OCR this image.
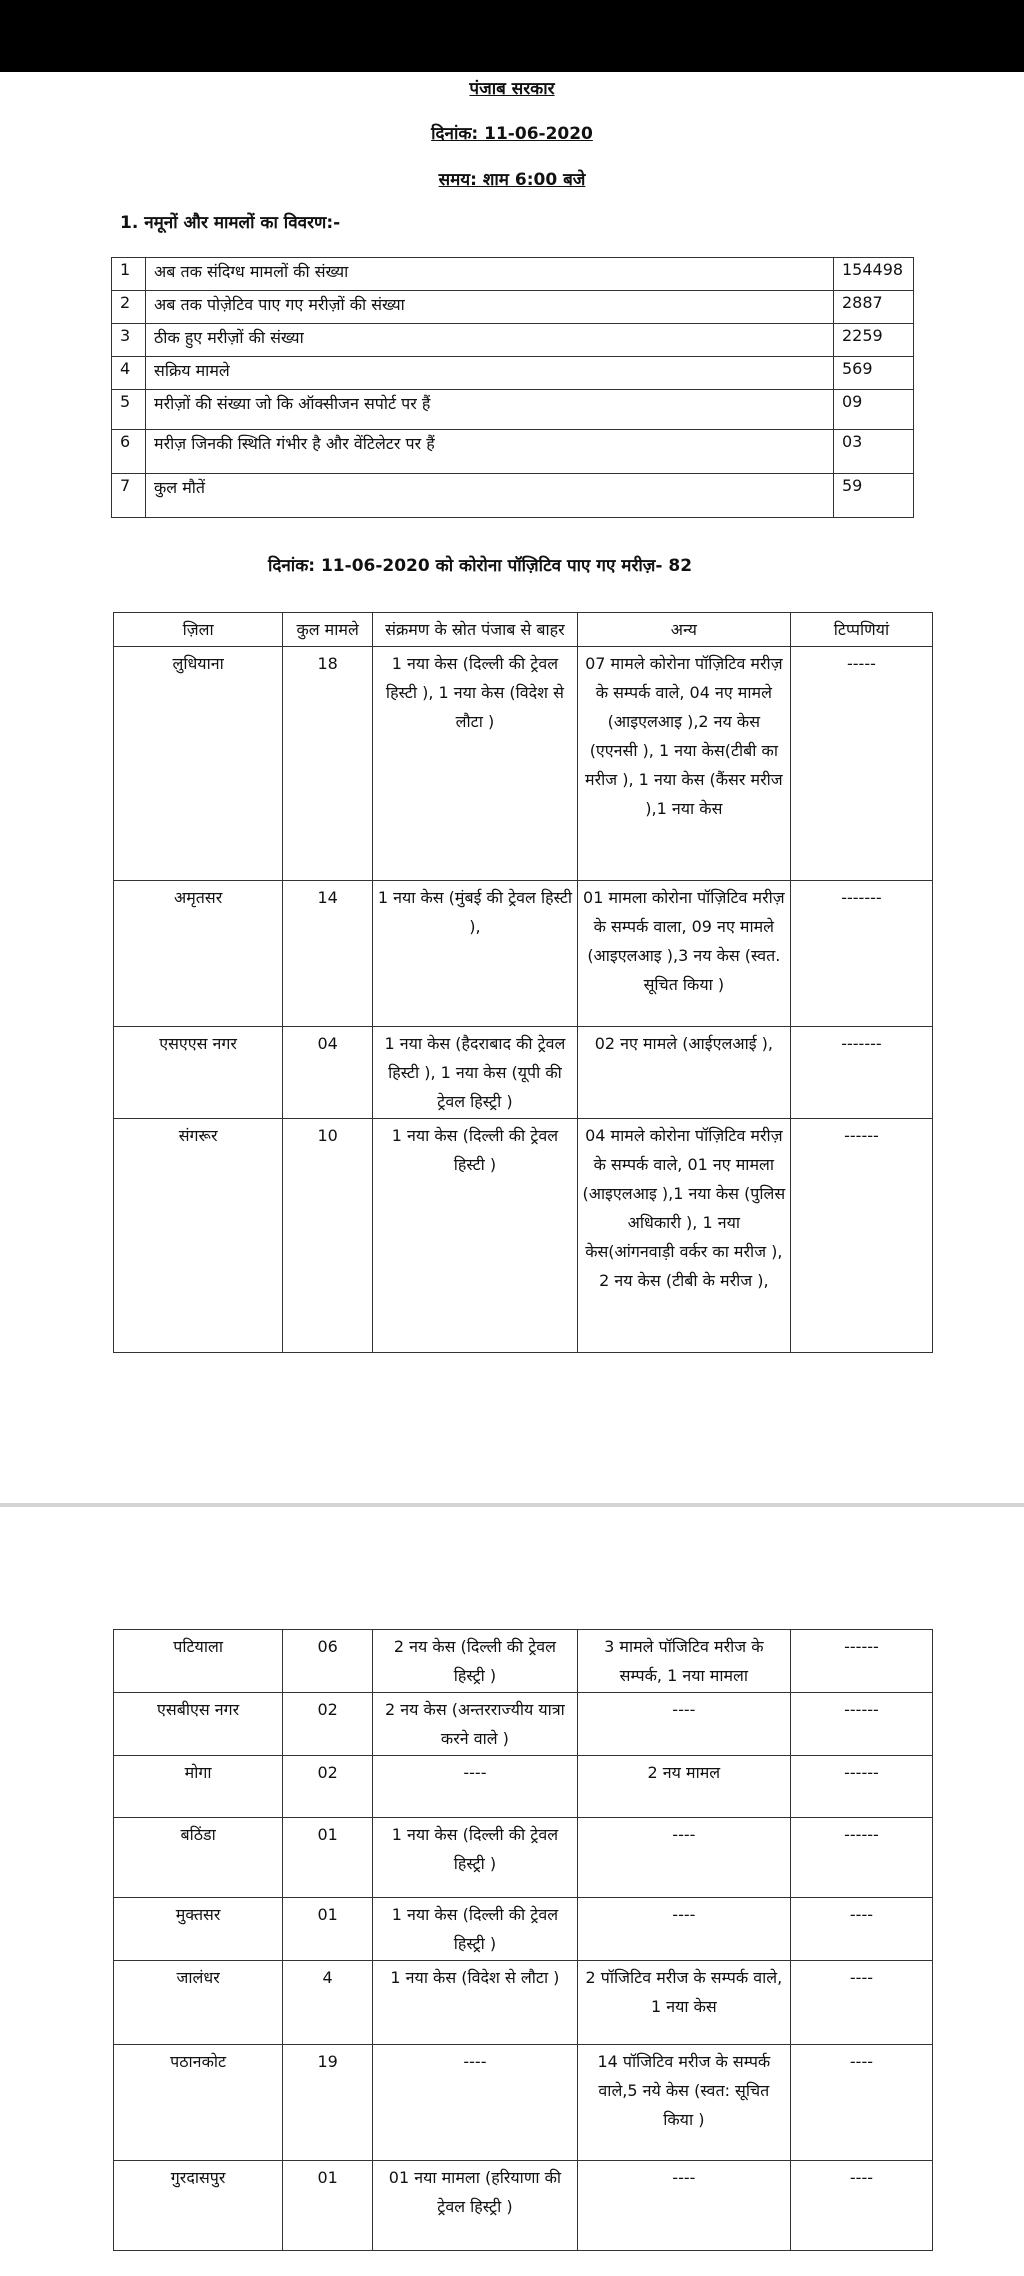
पंजाब सरकार
दिनांक: 11-06-2020
समय: शाम 6:00 बजे
1. नमूनों और मामलों का विवरण:-
1	अब तक संदिग्ध मामलों की संख्या	154498
2	अब तक पोज़ेटिव पाए गए मरीज़ों की संख्या	2887
3	ठीक हुए मरीज़ों की संख्या	2259
4	सक्रिय मामले	569
5	मरीज़ों की संख्या जो कि ऑक्सीजन सपोर्ट पर हैं	09
6	मरीज़ जिनकी स्थिति गंभीर है और वेंटिलेटर पर हैं	03
7	कुल मौतें	59
दिनांक: 11-06-2020 को कोरोना पॉज़िटिव पाए गए मरीज़- 82
ज़िला	कुल मामले	संक्रमण के स्रोत पंजाब से बाहर	अन्य	टिप्पणियां
लुधियाना	18	1 नया केस (दिल्ली की ट्रेवल हिस्टी ), 1 नया केस (विदेश से लौटा )	07 मामले कोरोना पॉज़िटिव मरीज़ के सम्पर्क वाले, 04 नए मामले (आइएलआइ ),2 नय केस (एएनसी ), 1 नया केस(टीबी का मरीज ), 1 नया केस (कैंसर मरीज ),1 नया केस	-----
अमृतसर	14	1 नया केस (मुंबई की ट्रेवल हिस्टी ),	01 मामला कोरोना पॉज़िटिव मरीज़ के सम्पर्क वाला, 09 नए मामले (आइएलआइ ),3 नय केस (स्वत. सूचित किया )	-------
एसएएस नगर	04	1 नया केस (हैदराबाद की ट्रेवल हिस्टी ), 1 नया केस (यूपी की ट्रेवल हिस्ट्री )	02 नए मामले (आईएलआई ),	-------
संगरूर	10	1 नया केस (दिल्ली की ट्रेवल हिस्टी )	04 मामले कोरोना पॉज़िटिव मरीज़ के सम्पर्क वाले, 01 नए मामला (आइएलआइ ),1 नया केस (पुलिस अधिकारी ), 1 नया केस(आंगनवाड़ी वर्कर का मरीज ), 2 नय केस (टीबी के मरीज ),	------
पटियाला	06	2 नय केस (दिल्ली की ट्रेवल हिस्ट्री )	3 मामले पॉजिटिव मरीज के सम्पर्क, 1 नया मामला	------
एसबीएस नगर	02	2 नय केस (अन्तरराज्यीय यात्रा करने वाले )	----	------
मोगा	02	----	2 नय मामल	------
बठिंडा	01	1 नया केस (दिल्ली की ट्रेवल हिस्ट्री )	----	------
मुक्तसर	01	1 नया केस (दिल्ली की ट्रेवल हिस्ट्री )	----	----
जालंधर	4	1 नया केस (विदेश से लौटा )	2 पॉजिटिव मरीज के सम्पर्क वाले, 1 नया केस	----
पठानकोट	19	----	14 पॉजिटिव मरीज के सम्पर्क वाले,5 नये केस (स्वत: सूचित किया )	----
गुरदासपुर	01	01 नया मामला (हरियाणा की ट्रेवल हिस्ट्री )	----	----
